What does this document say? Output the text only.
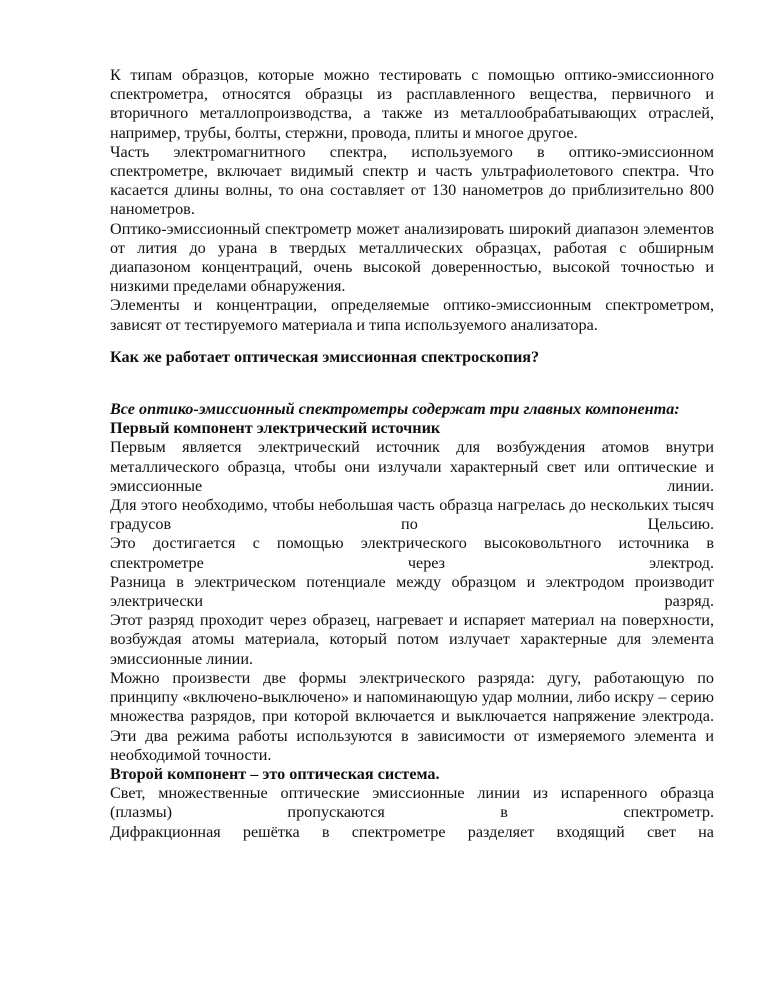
К типам образцов, которые можно тестировать с помощью оптико-эмиссионного спектрометра, относятся образцы из расплавленного вещества, первичного и вторичного металлопроизводства, а также из металлообрабатывающих отраслей, например, трубы, болты, стержни, провода, плиты и многое другое.

Часть электромагнитного спектра, используемого в оптико-эмиссионном спектрометре, включает видимый спектр и часть ультрафиолетового спектра. Что касается длины волны, то она составляет от 130 нанометров до приблизительно 800 нанометров.

Оптико-эмиссионный спектрометр может анализировать широкий диапазон элементов от лития до урана в твердых металлических образцах, работая с обширным диапазоном концентраций, очень высокой доверенностью, высокой точностью и низкими пределами обнаружения.

Элементы и концентрации, определяемые оптико-эмиссионным спектрометром, зависят от тестируемого материала и типа используемого анализатора.

Как же работает оптическая эмиссионная спектроскопия?

Все оптико-эмиссионный спектрометры содержат три главных компонента:

Первый компонент электрический источник

Первым является электрический источник для возбуждения атомов внутри металлического образца, чтобы они излучали характерный свет или оптические и эмиссионные линии.

Для этого необходимо, чтобы небольшая часть образца нагрелась до нескольких тысяч градусов по Цельсию.

Это достигается с помощью электрического высоковольтного источника в спектрометре через электрод.

Разница в электрическом потенциале между образцом и электродом производит электрически разряд.

Этот разряд проходит через образец, нагревает и испаряет материал на поверхности, возбуждая атомы материала, который потом излучает характерные для элемента эмиссионные линии.

Можно произвести две формы электрического разряда: дугу, работающую по принципу «включено-выключено» и напоминающую удар молнии, либо искру – серию множества разрядов, при которой включается и выключается напряжение электрода.

Эти два режима работы используются в зависимости от измеряемого элемента и необходимой точности.

Второй компонент – это оптическая система.

Свет, множественные оптические эмиссионные линии из испаренного образца (плазмы) пропускаются в спектрометр.

Дифракционная решётка в спектрометре разделяет входящий свет на
